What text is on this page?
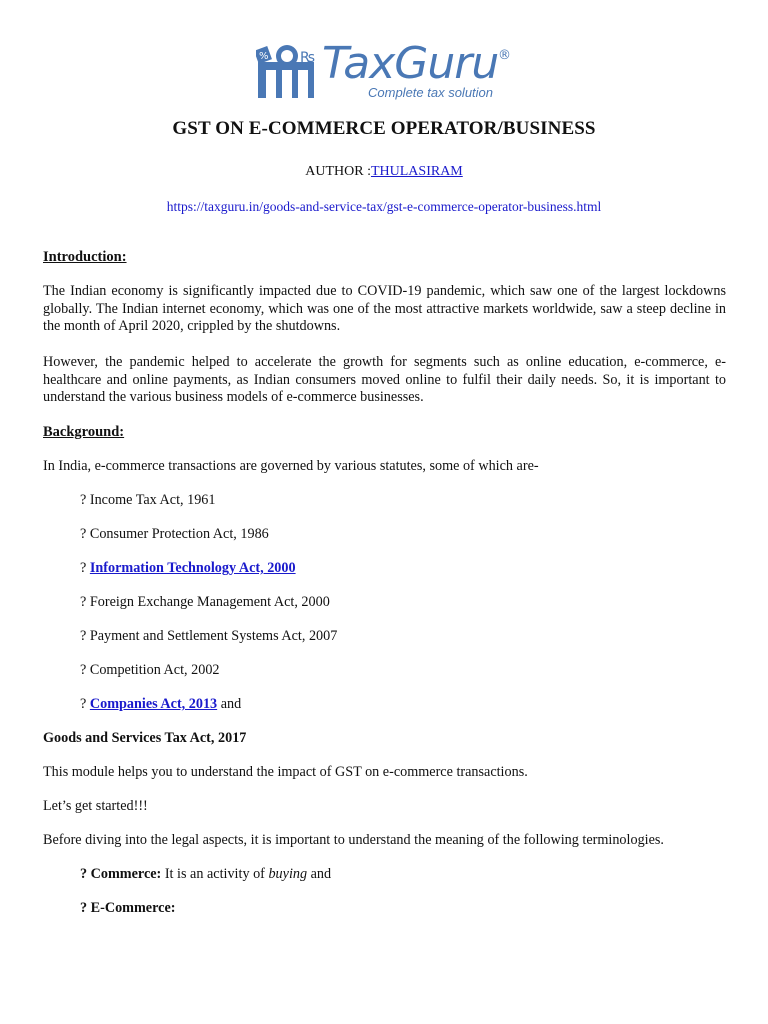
% ₨ TaxGuru ®
Complete tax solution
GST ON E-COMMERCE OPERATOR/BUSINESS
AUTHOR :THULASIRAM
https://taxguru.in/goods-and-service-tax/gst-e-commerce-operator-business.html
Introduction:
The Indian economy is significantly impacted due to COVID-19 pandemic, which saw one of the largest lockdowns globally. The Indian internet economy, which was one of the most attractive markets worldwide, saw a steep decline in the month of April 2020, crippled by the shutdowns.
However, the pandemic helped to accelerate the growth for segments such as online education, e-commerce, e-healthcare and online payments, as Indian consumers moved online to fulfil their daily needs. So, it is important to understand the various business models of e-commerce businesses.
Background:
In India, e-commerce transactions are governed by various statutes, some of which are-
? Income Tax Act, 1961
? Consumer Protection Act, 1986
? Information Technology Act, 2000
? Foreign Exchange Management Act, 2000
? Payment and Settlement Systems Act, 2007
? Competition Act, 2002
? Companies Act, 2013 and
Goods and Services Tax Act, 2017
This module helps you to understand the impact of GST on e-commerce transactions.
Let’s get started!!!
Before diving into the legal aspects, it is important to understand the meaning of the following terminologies.
? Commerce: It is an activity of buying and
? E-Commerce:
